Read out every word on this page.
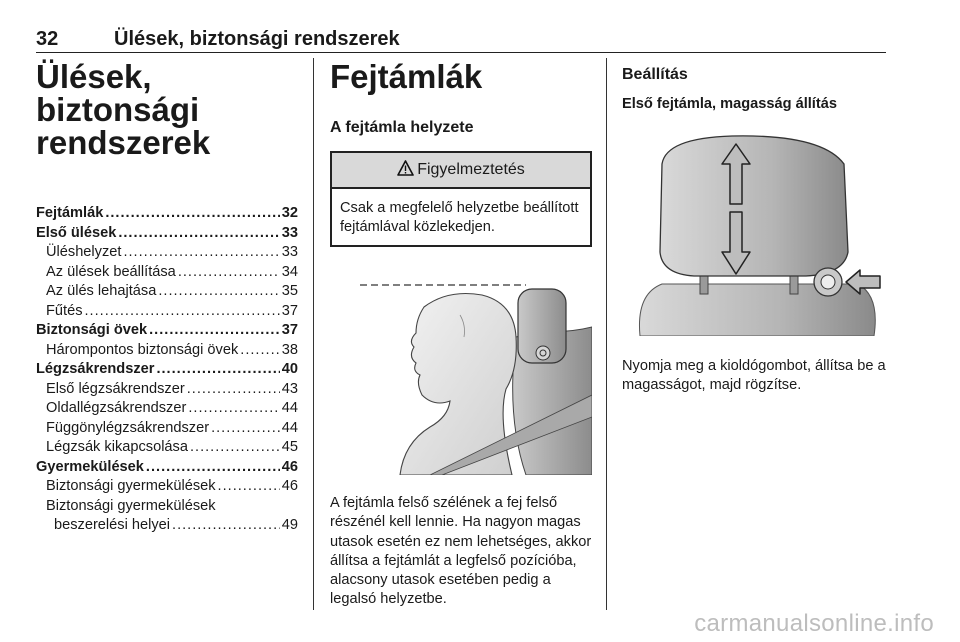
32	Ülések, biztonsági rendszerek
Ülések, biztonsági
rendszerek
Fejtámlák .....	32
Első ülések .....	33
Üléshelyzet .....	33
Az ülések beállítása .....	34
Az ülés lehajtása .....	35
Fűtés .....	37
Biztonsági övek .....	37
Hárompontos biztonsági övek .....	38
Légzsákrendszer .....	40
Első légzsákrendszer .....	43
Oldallégzsákrendszer .....	44
Függönylégzsákrendszer .....	44
Légzsák kikapcsolása .....	45
Gyermekülések .....	46
Biztonsági gyermekülések .....	46
Biztonsági gyermekülések
beszerelési helyei .....	49
Fejtámlák
A fejtámla helyzete
Figyelmeztetés
Csak a megfelelő helyzetbe beállított fejtámlával közlekedjen.

A fejtámla felső szélének a fej felső részénél kell lennie. Ha nagyon magas utasok esetén ez nem lehetséges, akkor állítsa a fejtámlát a legfelső pozícióba, alacsony utasok esetében pedig a legalsó helyzetbe.

Beállítás
Első fejtámla, magasság állítás

Nyomja meg a kioldógombot, állítsa be a magasságot, majd rögzítse.

carmanualsonline.info
